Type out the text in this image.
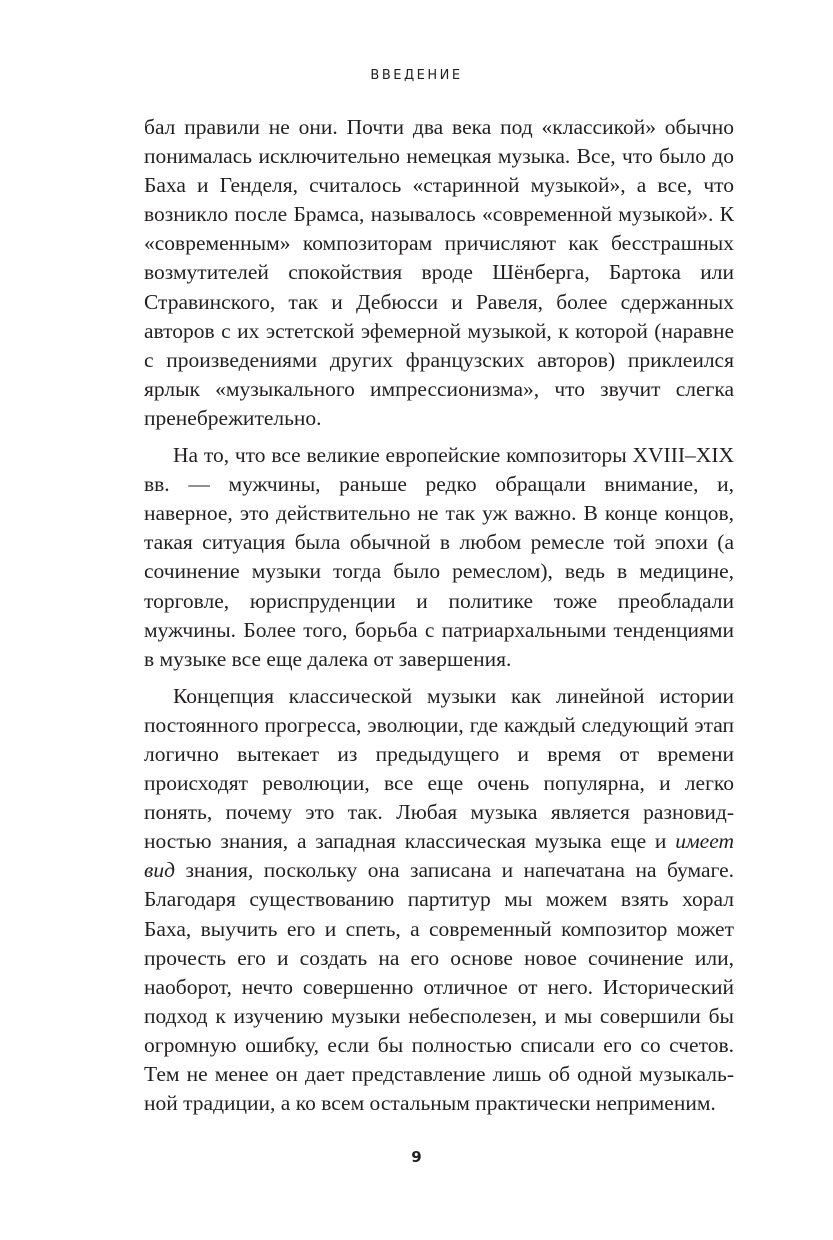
ВВЕДЕНИЕ

бал правили не они. Почти два века под «классикой» обычно понималась исключительно немецкая музыка. Все, что было до Баха и Генделя, считалось «старинной музыкой», а все, что возникло после Брамса, называлось «современной музыкой». К «современным» композиторам причисляют как бесстрашных возмутителей спокойствия вроде Шёнберга, Бартока или Стравинского, так и Дебюсси и Равеля, более сдержанных авторов с их эстетской эфемерной музыкой, к которой (наравне с произведениями других французских авторов) приклеился ярлык «музыкального импрессионизма», что звучит слегка пренебрежительно.

На то, что все великие европейские композиторы XVIII–XIX вв. — мужчины, раньше редко обращали внимание, и, наверное, это действительно не так уж важно. В конце концов, такая ситуация была обычной в любом ремесле той эпохи (а сочинение музыки тогда было ремеслом), ведь в медицине, торговле, юриспруденции и политике тоже преобладали мужчины. Более того, борьба с патриархальными тенденциями в музыке все еще далека от завершения.

Концепция классической музыки как линейной истории постоянного прогресса, эволюции, где каждый следующий этап логично вытекает из предыдущего и время от времени происходят революции, все еще очень популярна, и легко понять, почему это так. Любая музыка является разновидностью знания, а западная классическая музыка еще и имеет вид знания, поскольку она записана и напечатана на бумаге. Благодаря существованию партитур мы можем взять хорал Баха, выучить его и спеть, а современный композитор может прочесть его и создать на его основе новое сочинение или, наоборот, нечто совершенно отличное от него. Исторический подход к изучению музыки небесполезен, и мы совершили бы огромную ошибку, если бы полностью списали его со счетов. Тем не менее он дает представление лишь об одной музыкальной традиции, а ко всем остальным практически неприменим.

9
